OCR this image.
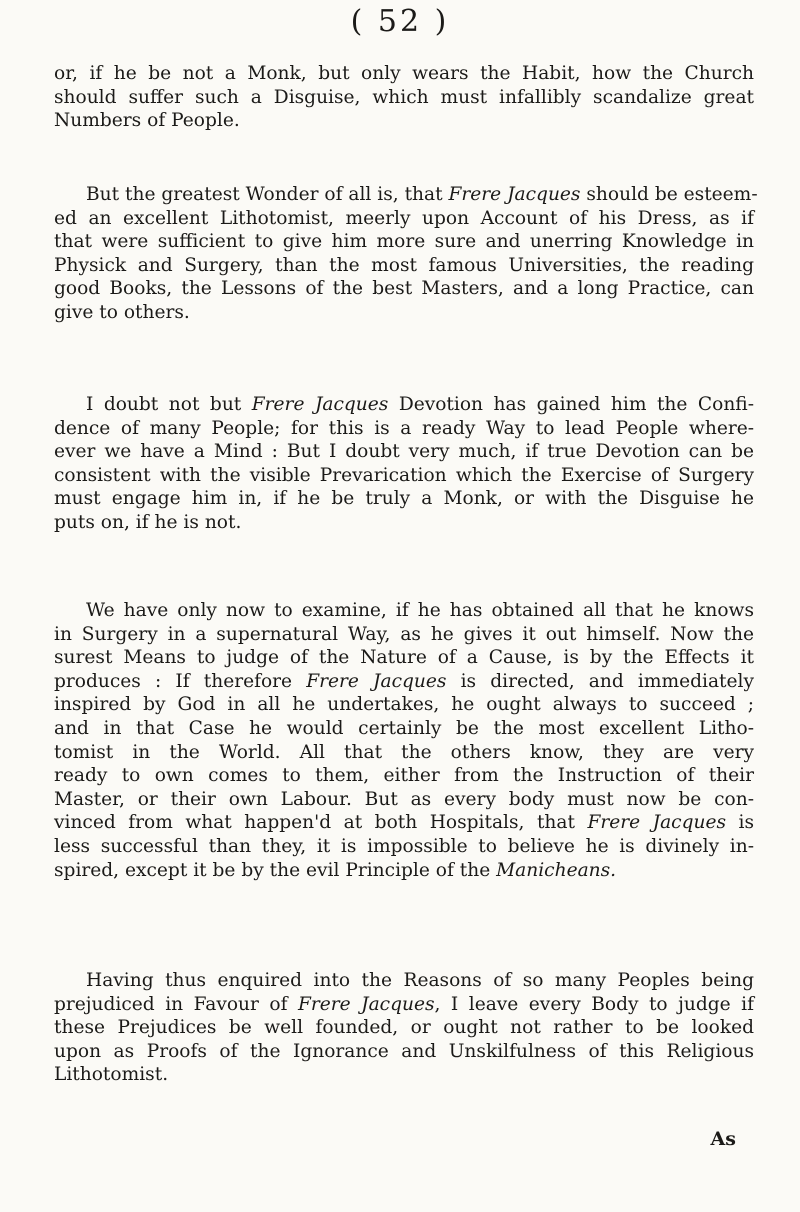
( 52 )
or, if he be not a Monk, but only wears the Habit, how the Church
should suffer such a Disguise, which must infallibly scandalize great
Numbers of People.
But the greatest Wonder of all is, that Frere Jacques should be esteem-
ed an excellent Lithotomist, meerly upon Account of his Dress, as if
that were sufficient to give him more sure and unerring Knowledge in
Physick and Surgery, than the most famous Universities, the reading
good Books, the Lessons of the best Masters, and a long Practice, can
give to others.
I doubt not but Frere Jacques Devotion has gained him the Confi-
dence of many People; for this is a ready Way to lead People where-
ever we have a Mind : But I doubt very much, if true Devotion can be
consistent with the visible Prevarication which the Exercise of Surgery
must engage him in, if he be truly a Monk, or with the Disguise he
puts on, if he is not.
We have only now to examine, if he has obtained all that he knows
in Surgery in a supernatural Way, as he gives it out himself. Now the
surest Means to judge of the Nature of a Cause, is by the Effects it
produces : If therefore Frere Jacques is directed, and immediately
inspired by God in all he undertakes, he ought always to succeed ;
and in that Case he would certainly be the most excellent Litho-
tomist in the World. All that the others know, they are very
ready to own comes to them, either from the Instruction of their
Master, or their own Labour. But as every body must now be con-
vinced from what happen'd at both Hospitals, that Frere Jacques is
less successful than they, it is impossible to believe he is divinely in-
spired, except it be by the evil Principle of the Manicheans.
Having thus enquired into the Reasons of so many Peoples being
prejudiced in Favour of Frere Jacques, I leave every Body to judge if
these Prejudices be well founded, or ought not rather to be looked
upon as Proofs of the Ignorance and Unskilfulness of this Religious
Lithotomist.
As
